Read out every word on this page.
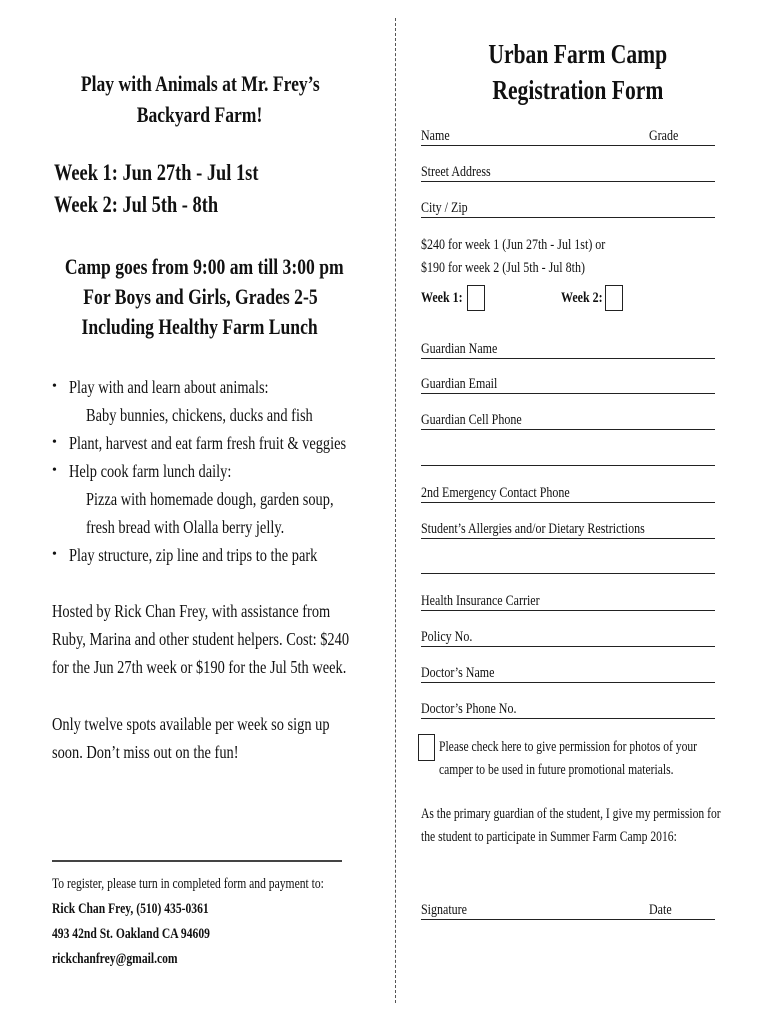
Play with Animals at Mr. Frey’s
Backyard Farm!
Week 1: Jun 27th - Jul 1st
Week 2: Jul 5th - 8th
Camp goes from 9:00 am till 3:00 pm
For Boys and Girls, Grades 2-5
Including Healthy Farm Lunch
• Play with and learn about animals:
Baby bunnies, chickens, ducks and fish
• Plant, harvest and eat farm fresh fruit & veggies
• Help cook farm lunch daily:
Pizza with homemade dough, garden soup,
fresh bread with Olalla berry jelly.
• Play structure, zip line and trips to the park
Hosted by Rick Chan Frey, with assistance from
Ruby, Marina and other student helpers. Cost: $240
for the Jun 27th week or $190 for the Jul 5th week.
Only twelve spots available per week so sign up
soon. Don’t miss out on the fun!
To register, please turn in completed form and payment to:
Rick Chan Frey, (510) 435-0361
493 42nd St. Oakland CA 94609
rickchanfrey@gmail.com
Urban Farm Camp
Registration Form
Name	Grade
Street Address
City / Zip
$240 for week 1 (Jun 27th - Jul 1st) or
$190 for week 2 (Jul 5th - Jul 8th)
Week 1:	Week 2:
Guardian Name
Guardian Email
Guardian Cell Phone
2nd Emergency Contact Phone
Student’s Allergies and/or Dietary Restrictions
Health Insurance Carrier
Policy No.
Doctor’s Name
Doctor’s Phone No.
Please check here to give permission for photos of your
camper to be used in future promotional materials.
As the primary guardian of the student, I give my permission for
the student to participate in Summer Farm Camp 2016:
Signature	Date
